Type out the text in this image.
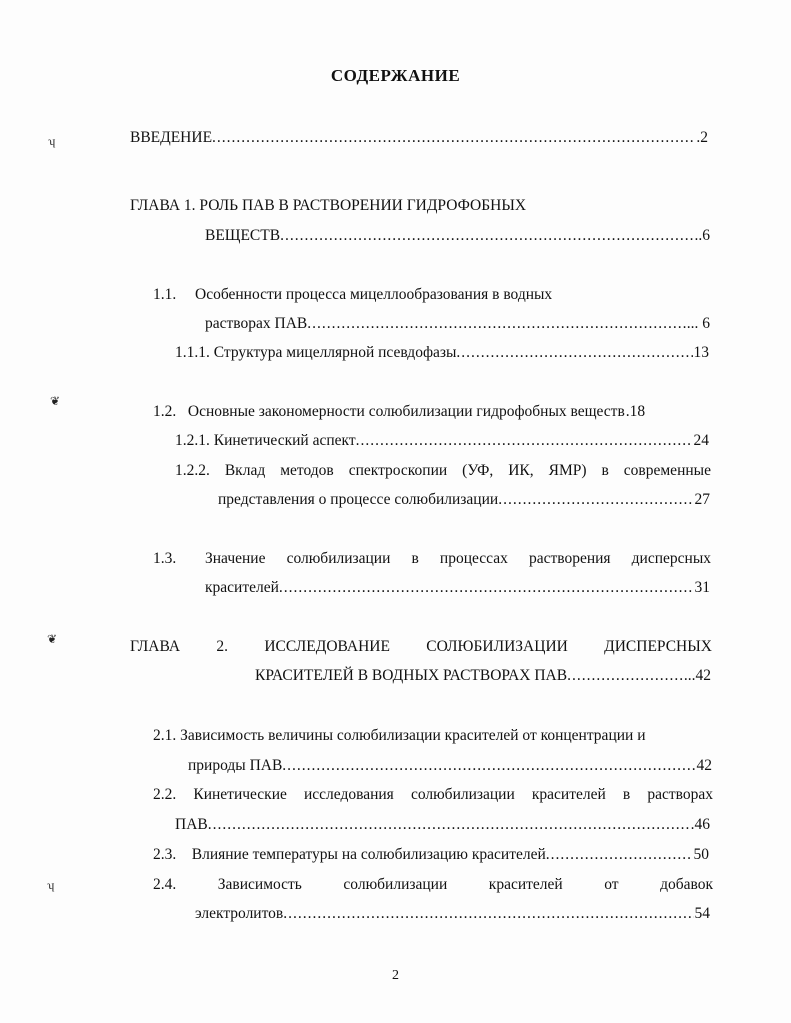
СОДЕРЖАНИЕ
ʮ
❦
❦
ʮ
ВВЕДЕНИЕ .....	.2
ГЛАВА 1. РОЛЬ ПАВ В РАСТВОРЕНИИ ГИДРОФОБНЫХ
ВЕЩЕСТВ .....	..6
1.1. Особенности процесса мицеллообразования в водных
растворах ПАВ .....	... 6
1.1.1. Структура мицеллярной псевдофазы .....	13
1.2.   Основные закономерности солюбилизации гидрофобных веществ .18
1.2.1. Кинетический аспект .....	24
1.2.2. Вклад методов спектроскопии (УФ, ИК, ЯМР) в современные
представления о процессе солюбилизации .....	27
1.3. Значение солюбилизации в процессах растворения дисперсных
красителей .....	31
ГЛАВА 2. ИССЛЕДОВАНИЕ СОЛЮБИЛИЗАЦИИ ДИСПЕРСНЫХ
КРАСИТЕЛЕЙ В ВОДНЫХ РАСТВОРАХ ПАВ .....	...42
2.1. Зависимость величины солюбилизации красителей от концентрации и
природы ПАВ .....	42
2.2. Кинетические исследования солюбилизации красителей в растворах
ПАВ .....	.46
2.3.    Влияние температуры на солюбилизацию красителей .....	50
2.4.	Зависимость	солюбилизации	красителей	от	добавок
электролитов .....	54
2
